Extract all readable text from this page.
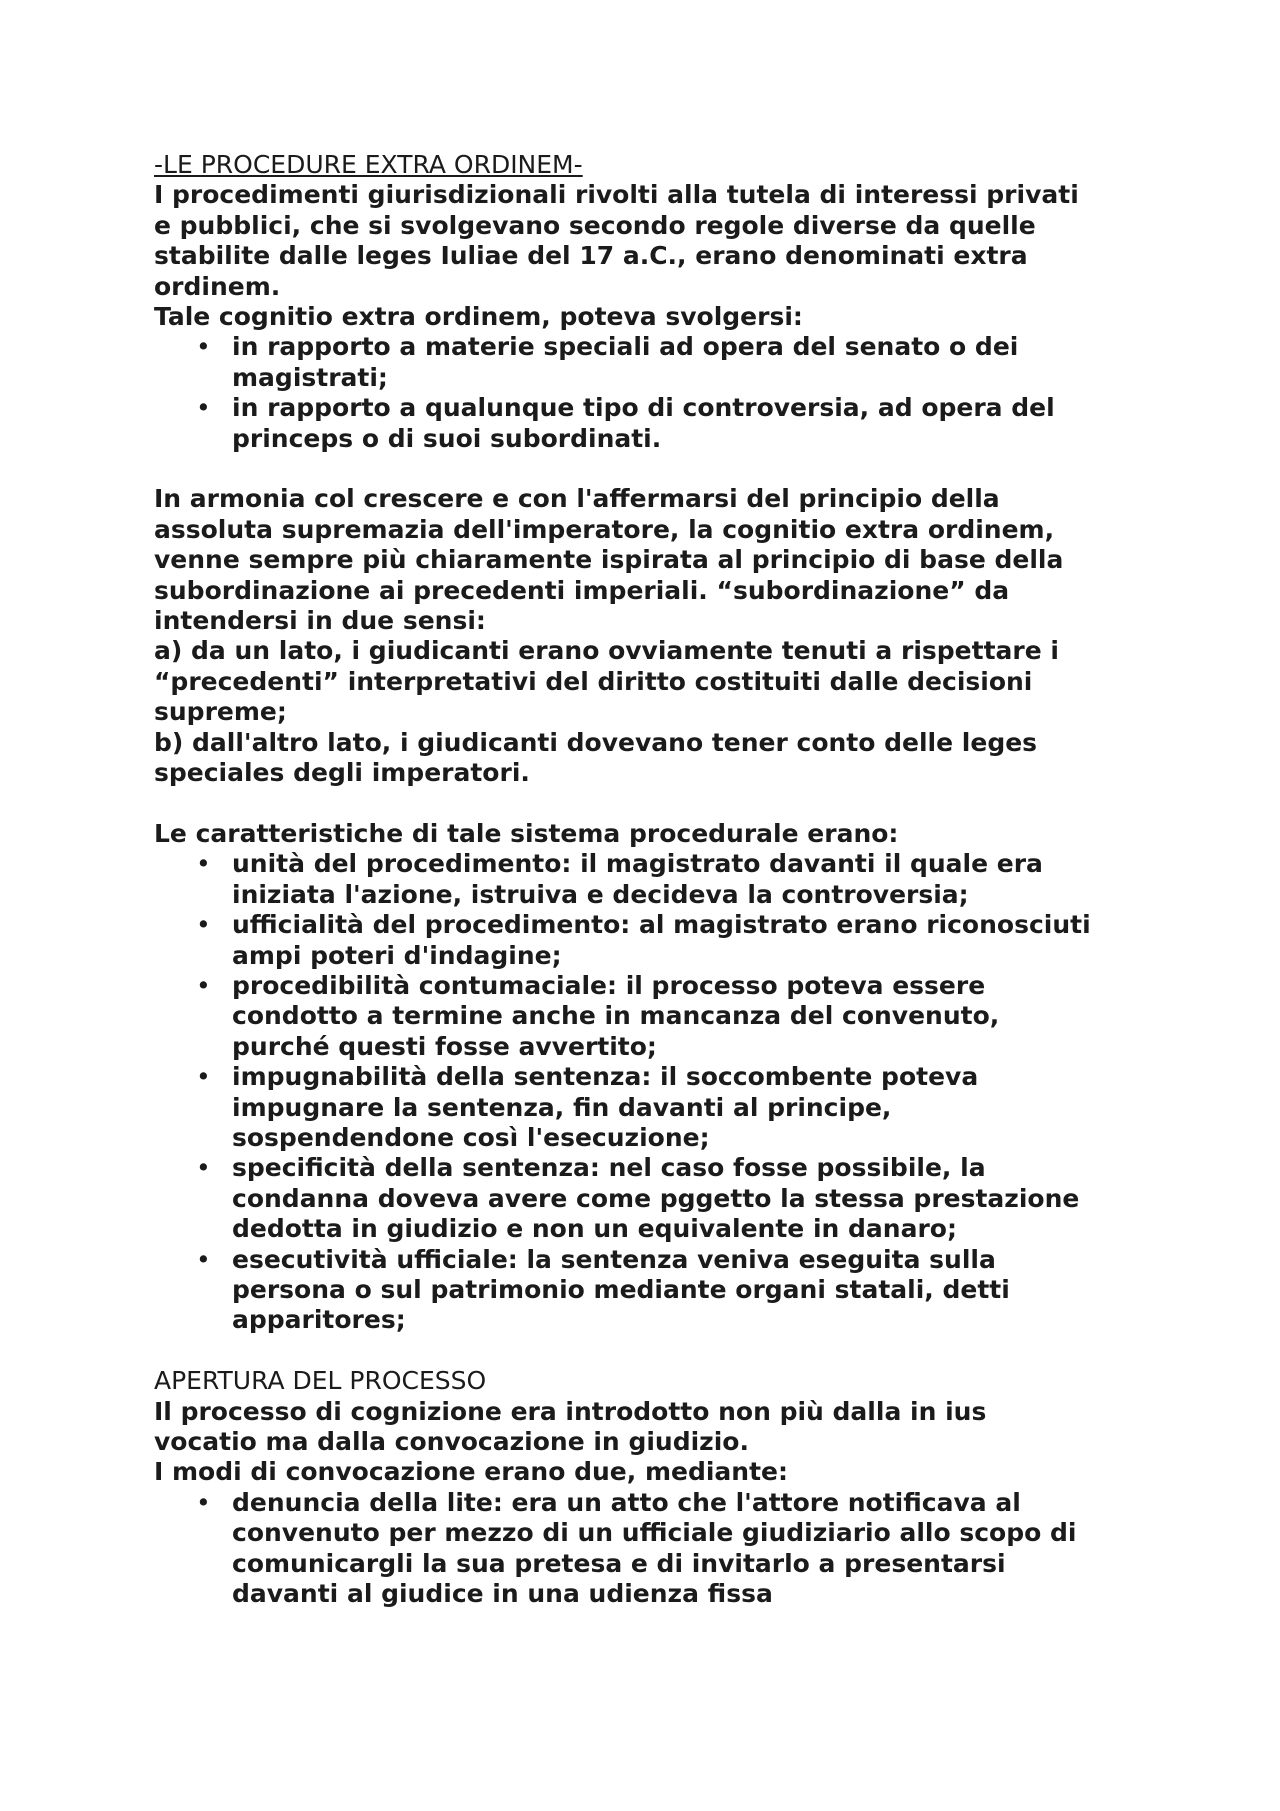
-LE PROCEDURE EXTRA ORDINEM-

I procedimenti giurisdizionali rivolti alla tutela di interessi privati

e pubblici, che si svolgevano secondo regole diverse da quelle

stabilite dalle leges Iuliae del 17 a.C., erano denominati extra

ordinem.

Tale cognitio extra ordinem, poteva svolgersi:

• in rapporto a materie speciali ad opera del senato o dei
magistrati;
• in rapporto a qualunque tipo di controversia, ad opera del
princeps o di suoi subordinati.

In armonia col crescere e con l'affermarsi del principio della

assoluta supremazia dell'imperatore, la cognitio extra ordinem,

venne sempre più chiaramente ispirata al principio di base della

subordinazione ai precedenti imperiali. “subordinazione” da

intendersi in due sensi:

a) da un lato, i giudicanti erano ovviamente tenuti a rispettare i

“precedenti” interpretativi del diritto costituiti dalle decisioni

supreme;

b) dall'altro lato, i giudicanti dovevano tener conto delle leges

speciales degli imperatori.

Le caratteristiche di tale sistema procedurale erano:

• unità del procedimento: il magistrato davanti il quale era
iniziata l'azione, istruiva e decideva la controversia;
• ufficialità del procedimento: al magistrato erano riconosciuti
ampi poteri d'indagine;
• procedibilità contumaciale: il processo poteva essere
condotto a termine anche in mancanza del convenuto,
purché questi fosse avvertito;
• impugnabilità della sentenza: il soccombente poteva
impugnare la sentenza, fin davanti al principe,
sospendendone così l'esecuzione;
• specificità della sentenza: nel caso fosse possibile, la
condanna doveva avere come pggetto la stessa prestazione
dedotta in giudizio e non un equivalente in danaro;
• esecutività ufficiale: la sentenza veniva eseguita sulla
persona o sul patrimonio mediante organi statali, detti
apparitores;

APERTURA DEL PROCESSO

Il processo di cognizione era introdotto non più dalla in ius

vocatio ma dalla convocazione in giudizio.

I modi di convocazione erano due, mediante:

• denuncia della lite: era un atto che l'attore notificava al
convenuto per mezzo di un ufficiale giudiziario allo scopo di
comunicargli la sua pretesa e di invitarlo a presentarsi
davanti al giudice in una udienza fissa
